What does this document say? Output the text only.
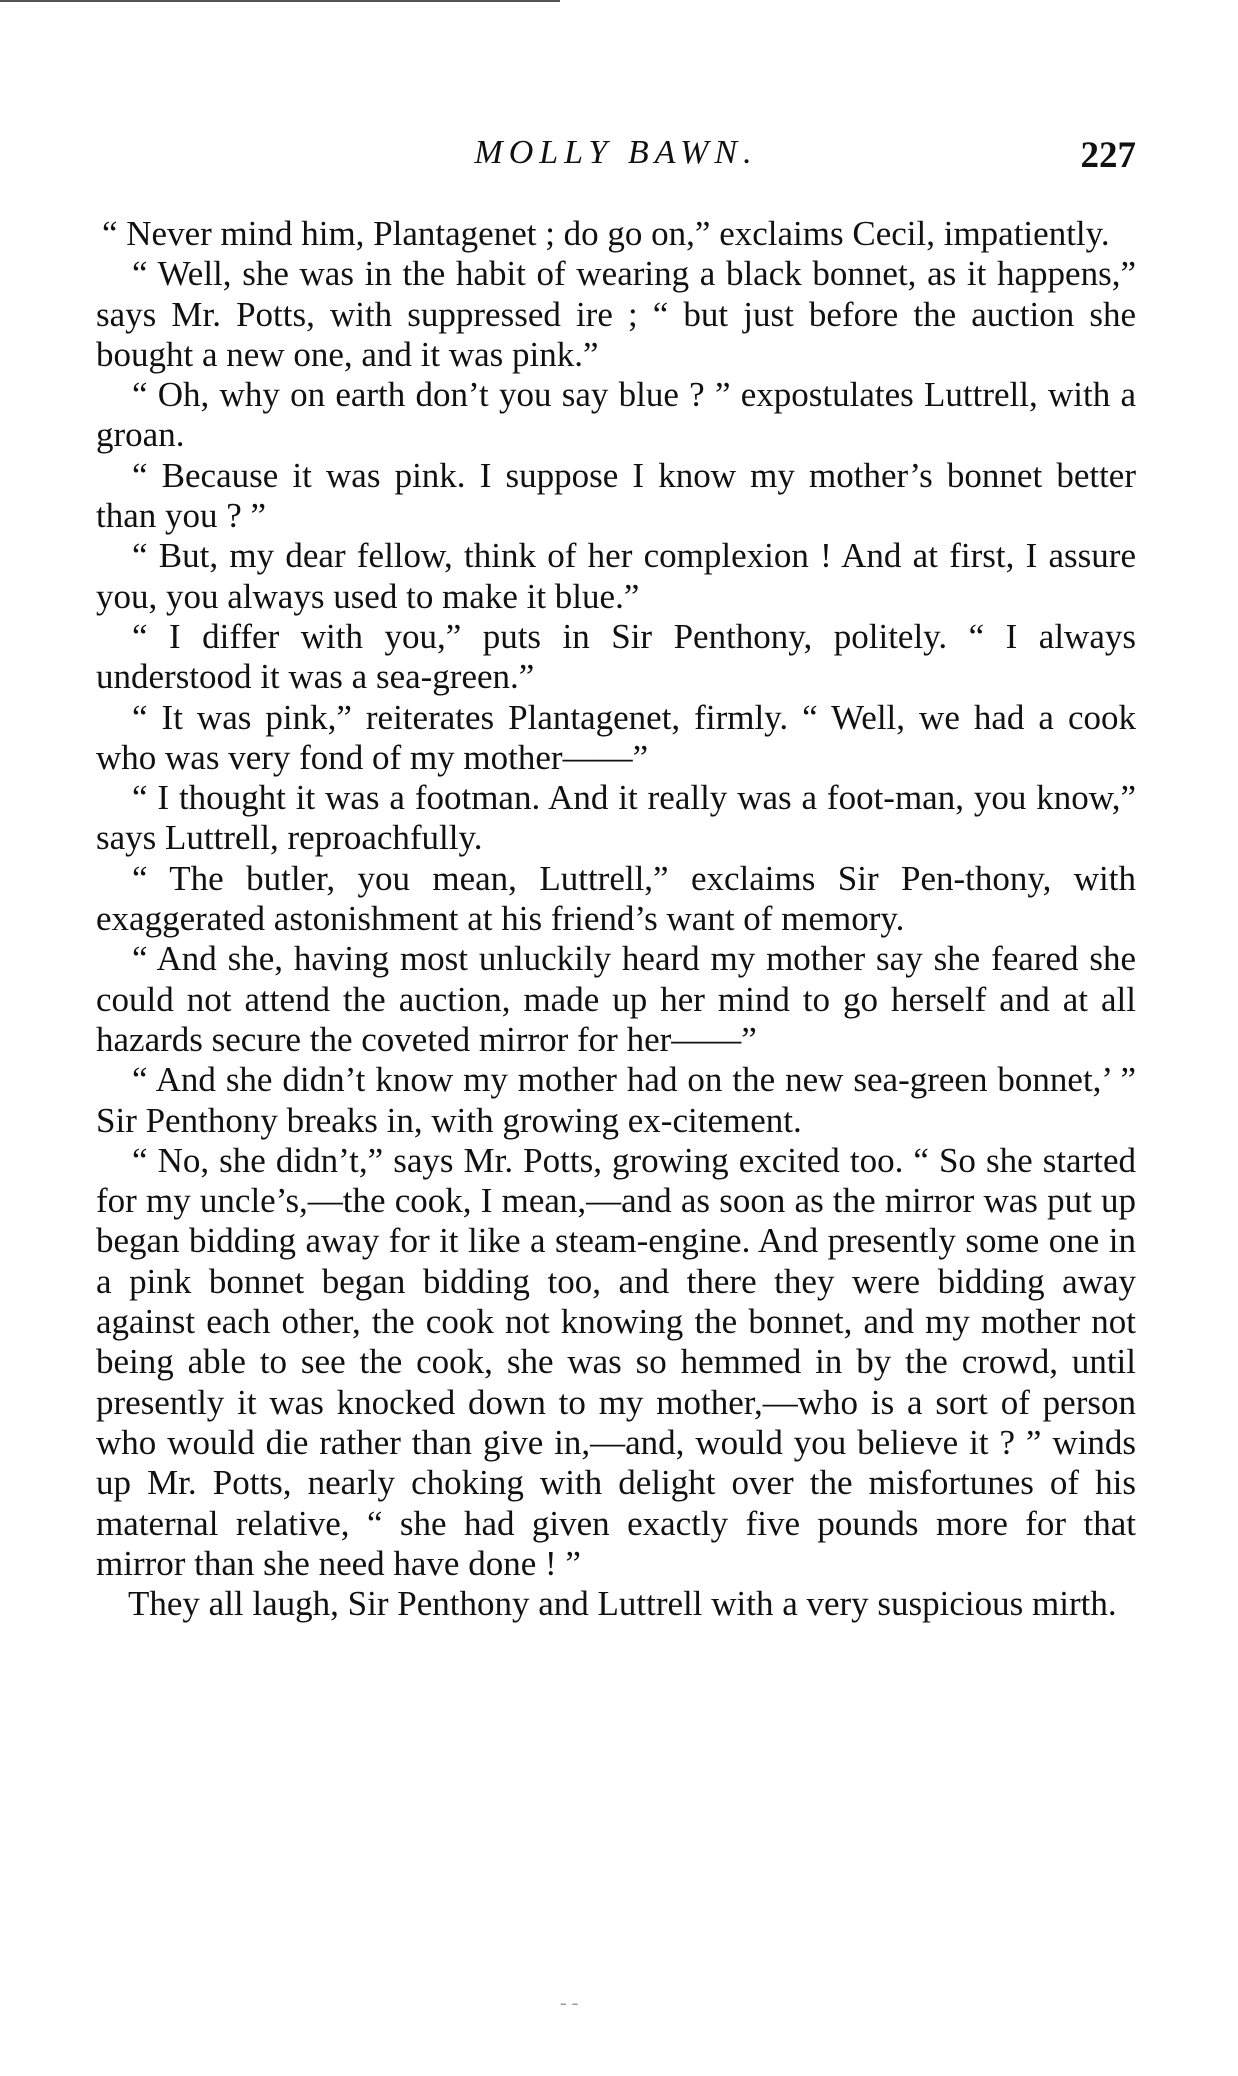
MOLLY BAWN.	227

“ Never mind him, Plantagenet ; do go on,” exclaims Cecil, impatiently.

“ Well, she was in the habit of wearing a black bonnet, as it happens,” says Mr. Potts, with suppressed ire ; “ but just before the auction she bought a new one, and it was pink.”

“ Oh, why on earth don’t you say blue ? ” expostulates Luttrell, with a groan.

“ Because it was pink. I suppose I know my mother’s bonnet better than you ? ”

“ But, my dear fellow, think of her complexion ! And at first, I assure you, you always used to make it blue.”

“ I differ with you,” puts in Sir Penthony, politely. “ I always understood it was a sea-green.”

“ It was pink,” reiterates Plantagenet, firmly. “ Well, we had a cook who was very fond of my mother——”

“ I thought it was a footman. And it really was a foot-man, you know,” says Luttrell, reproachfully.

“ The butler, you mean, Luttrell,” exclaims Sir Pen-thony, with exaggerated astonishment at his friend’s want of memory.

“ And she, having most unluckily heard my mother say she feared she could not attend the auction, made up her mind to go herself and at all hazards secure the coveted mirror for her——”

“ And she didn’t know my mother had on the new sea-green bonnet,’ ” Sir Penthony breaks in, with growing ex-citement.

“ No, she didn’t,” says Mr. Potts, growing excited too. “ So she started for my uncle’s,—the cook, I mean,—and as soon as the mirror was put up began bidding away for it like a steam-engine. And presently some one in a pink bonnet began bidding too, and there they were bidding away against each other, the cook not knowing the bonnet, and my mother not being able to see the cook, she was so hemmed in by the crowd, until presently it was knocked down to my mother,—who is a sort of person who would die rather than give in,—and, would you believe it ? ” winds up Mr. Potts, nearly choking with delight over the misfortunes of his maternal relative, “ she had given exactly five pounds more for that mirror than she need have done ! ”

They all laugh, Sir Penthony and Luttrell with a very suspicious mirth.

‐ ‐
